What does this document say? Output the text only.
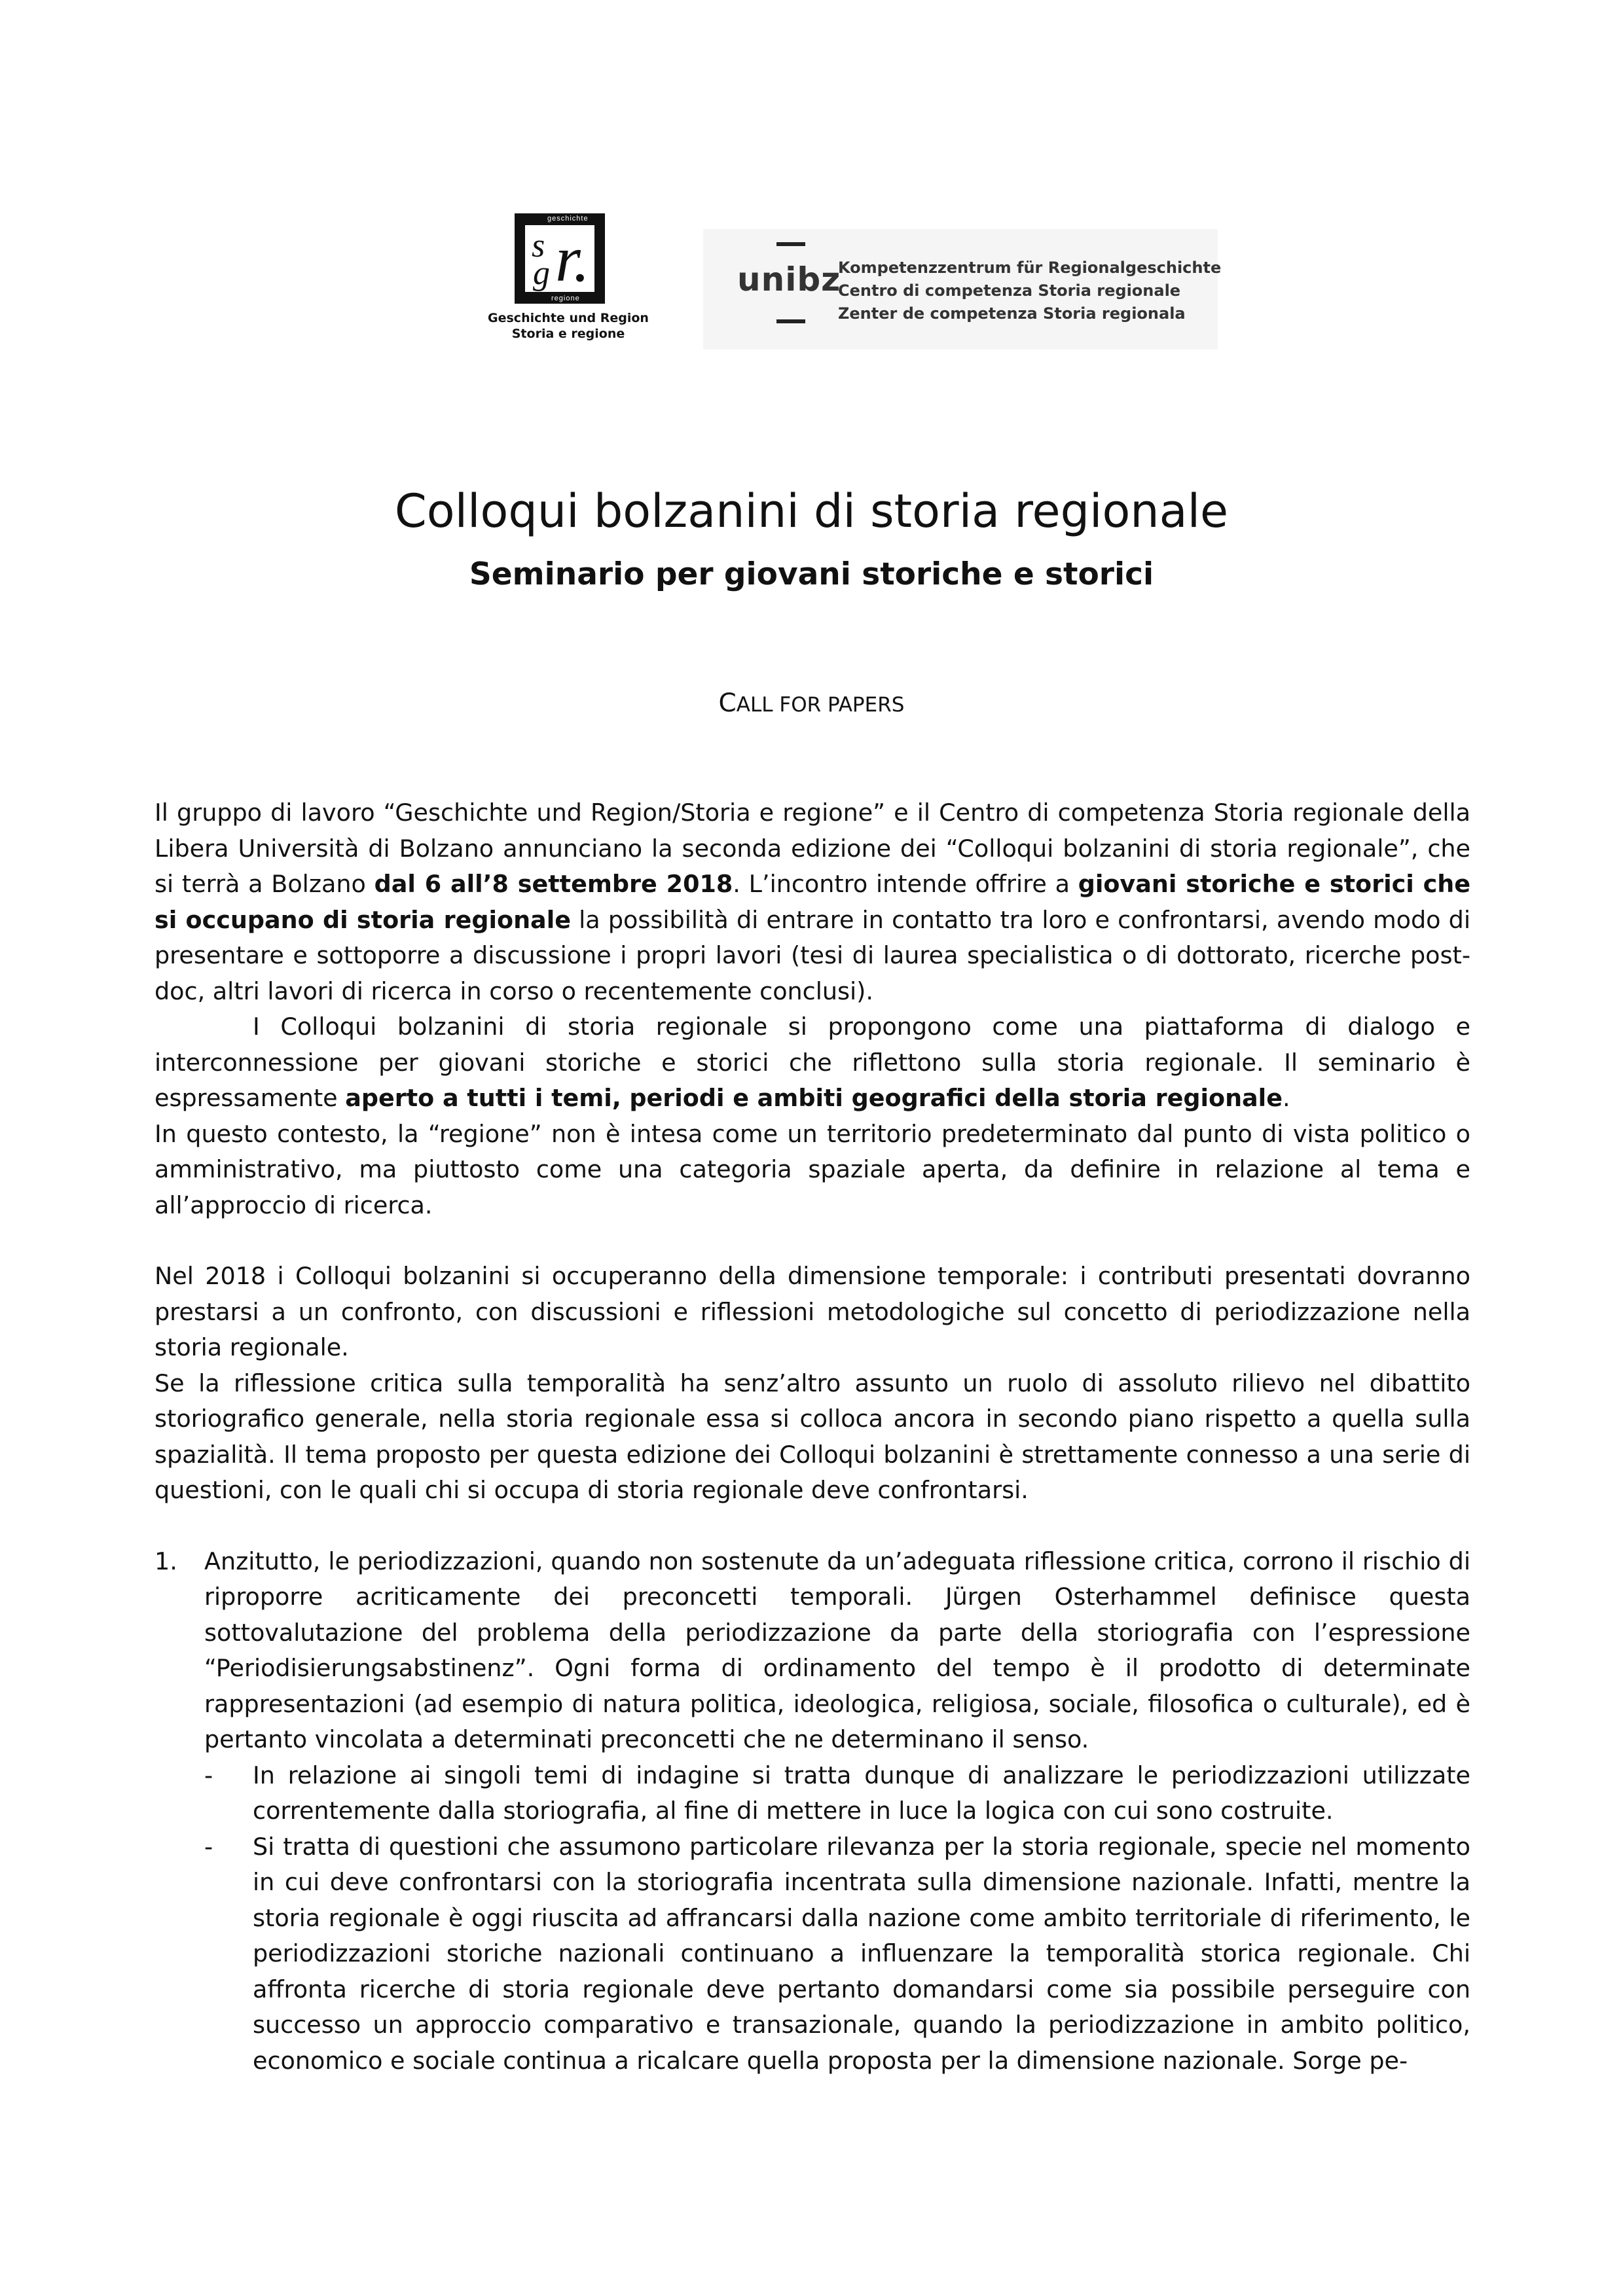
geschichte
s
g r.
regione
Geschichte und Region
Storia e regione
unibz
Kompetenzzentrum für Regionalgeschichte
Centro di competenza Storia regionale
Zenter de competenza Storia regionala
Colloqui bolzanini di storia regionale
Seminario per giovani storiche e storici
CALL FOR PAPERS

Il gruppo di lavoro “Geschichte und Region/Storia e regione” e il Centro di competenza Storia regionale della Libera Università di Bolzano annunciano la seconda edizione dei “Colloqui bolzanini di storia regionale”, che si terrà a Bolzano dal 6 all’8 settembre 2018. L’incontro intende offrire a giovani storiche e storici che si occupano di storia regionale la possibilità di entrare in contatto tra loro e confrontarsi, avendo modo di presentare e sottoporre a discussione i propri lavori (tesi di laurea specialistica o di dottorato, ricerche post-doc, altri lavori di ricerca in corso o recentemente conclusi).

I Colloqui bolzanini di storia regionale si propongono come una piattaforma di dialogo e interconnessione per giovani storiche e storici che riflettono sulla storia regionale. Il seminario è espressamente aperto a tutti i temi, periodi e ambiti geografici della storia regionale.

In questo contesto, la “regione” non è intesa come un territorio predeterminato dal punto di vista politico o amministrativo, ma piuttosto come una categoria spaziale aperta, da definire in relazione al tema e all’approccio di ricerca.

Nel 2018 i Colloqui bolzanini si occuperanno della dimensione temporale: i contributi presentati dovranno prestarsi a un confronto, con discussioni e riflessioni metodologiche sul concetto di periodizzazione nella storia regionale.

Se la riflessione critica sulla temporalità ha senz’altro assunto un ruolo di assoluto rilievo nel dibattito storiografico generale, nella storia regionale essa si colloca ancora in secondo piano rispetto a quella sulla spazialità. Il tema proposto per questa edizione dei Colloqui bolzanini è strettamente connesso a una serie di questioni, con le quali chi si occupa di storia regionale deve confrontarsi.

1. Anzitutto, le periodizzazioni, quando non sostenute da un’adeguata riflessione critica, corrono il rischio di riproporre acriticamente dei preconcetti temporali. Jürgen Osterhammel definisce questa sottovalutazione del problema della periodizzazione da parte della storiografia con l’espressione “Periodisierungsabstinenz”. Ogni forma di ordinamento del tempo è il prodotto di determinate rappresentazioni (ad esempio di natura politica, ideologica, religiosa, sociale, filosofica o culturale), ed è pertanto vincolata a determinati preconcetti che ne determinano il senso.
- In relazione ai singoli temi di indagine si tratta dunque di analizzare le periodizzazioni utilizzate correntemente dalla storiografia, al fine di mettere in luce la logica con cui sono costruite.
- Si tratta di questioni che assumono particolare rilevanza per la storia regionale, specie nel momento in cui deve confrontarsi con la storiografia incentrata sulla dimensione nazionale. Infatti, mentre la storia regionale è oggi riuscita ad affrancarsi dalla nazione come ambito territoriale di riferimento, le periodizzazioni storiche nazionali continuano a influenzare la temporalità storica regionale. Chi affronta ricerche di storia regionale deve pertanto domandarsi come sia possibile perseguire con successo un approccio comparativo e transazionale, quando la periodizzazione in ambito politico, economico e sociale continua a ricalcare quella proposta per la dimensione nazionale. Sorge pe-
